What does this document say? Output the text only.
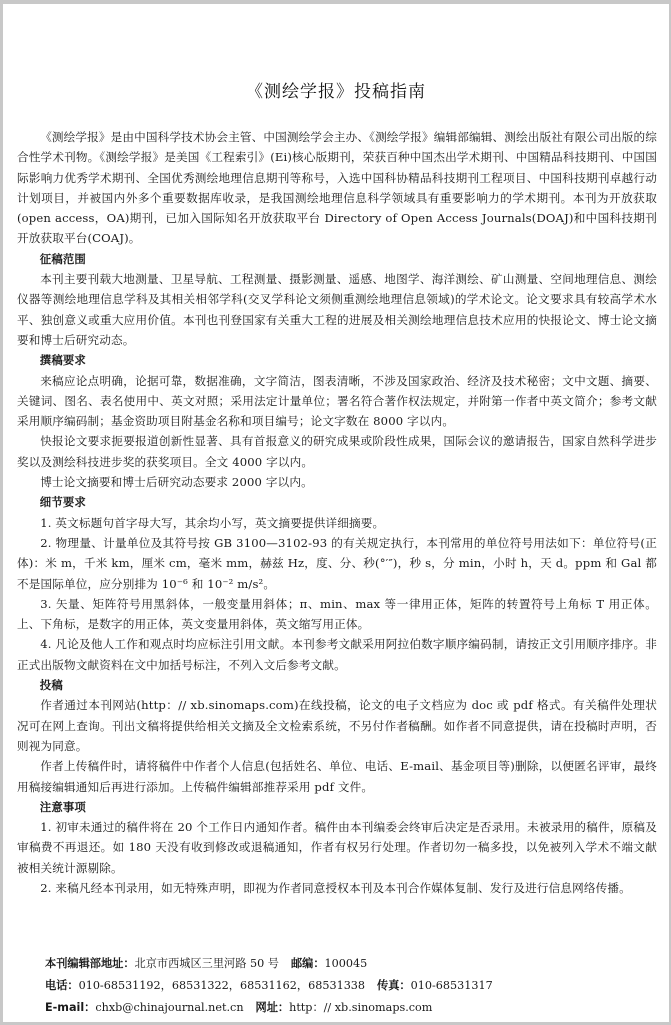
《测绘学报》投稿指南

《测绘学报》是由中国科学技术协会主管、中国测绘学会主办、《测绘学报》编辑部编辑、测绘出版社有限公司出版的综合性学术刊物。《测绘学报》是美国《工程索引》(Ei)核心版期刊，荣获百种中国杰出学术期刊、中国精品科技期刊、中国国际影响力优秀学术期刊、全国优秀测绘地理信息期刊等称号，入选中国科协精品科技期刊工程项目、中国科技期刊卓越行动计划项目，并被国内外多个重要数据库收录，是我国测绘地理信息科学领域具有重要影响力的学术期刊。本刊为开放获取(open access，OA)期刊，已加入国际知名开放获取平台 Directory of Open Access Journals(DOAJ)和中国科技期刊开放获取平台(COAJ)。

征稿范围

本刊主要刊载大地测量、卫星导航、工程测量、摄影测量、遥感、地图学、海洋测绘、矿山测量、空间地理信息、测绘仪器等测绘地理信息学科及其相关相邻学科(交叉学科论文须侧重测绘地理信息领域)的学术论文。论文要求具有较高学术水平、独创意义或重大应用价值。本刊也刊登国家有关重大工程的进展及相关测绘地理信息技术应用的快报论文、博士论文摘要和博士后研究动态。

撰稿要求

来稿应论点明确，论据可靠，数据准确，文字简洁，图表清晰，不涉及国家政治、经济及技术秘密；文中文题、摘要、关键词、图名、表名使用中、英文对照；采用法定计量单位；署名符合著作权法规定，并附第一作者中英文简介；参考文献采用顺序编码制；基金资助项目附基金名称和项目编号；论文字数在 8000 字以内。

快报论文要求扼要报道创新性显著、具有首报意义的研究成果或阶段性成果，国际会议的邀请报告，国家自然科学进步奖以及测绘科技进步奖的获奖项目。全文 4000 字以内。

博士论文摘要和博士后研究动态要求 2000 字以内。

细节要求

1. 英文标题句首字母大写，其余均小写，英文摘要提供详细摘要。

2. 物理量、计量单位及其符号按 GB 3100—3102-93 的有关规定执行，本刊常用的单位符号用法如下：单位符号(正体)：米 m，千米 km，厘米 cm，毫米 mm，赫兹 Hz，度、分、秒(°′″)，秒 s，分 min，小时 h，天 d。ppm 和 Gal 都不是国际单位，应分别排为 10⁻⁶ 和 10⁻² m/s²。

3. 矢量、矩阵符号用黑斜体，一般变量用斜体；π、min、max 等一律用正体，矩阵的转置符号上角标 T 用正体。上、下角标，是数字的用正体，英文变量用斜体，英文缩写用正体。

4. 凡论及他人工作和观点时均应标注引用文献。本刊参考文献采用阿拉伯数字顺序编码制，请按正文引用顺序排序。非正式出版物文献资料在文中加括号标注，不列入文后参考文献。

投稿

作者通过本刊网站(http：// xb.sinomaps.com)在线投稿，论文的电子文档应为 doc 或 pdf 格式。有关稿件处理状况可在网上查询。刊出文稿将提供给相关文摘及全文检索系统，不另付作者稿酬。如作者不同意提供，请在投稿时声明，否则视为同意。

作者上传稿件时，请将稿件中作者个人信息(包括姓名、单位、电话、E-mail、基金项目等)删除，以便匿名评审，最终用稿接编辑通知后再进行添加。上传稿件编辑部推荐采用 pdf 文件。

注意事项

1. 初审未通过的稿件将在 20 个工作日内通知作者。稿件由本刊编委会终审后决定是否录用。未被录用的稿件，原稿及审稿费不再退还。如 180 天没有收到修改或退稿通知，作者有权另行处理。作者切勿一稿多投，以免被列入学术不端文献被相关统计源剔除。

2. 来稿凡经本刊录用，如无特殊声明，即视为作者同意授权本刊及本刊合作媒体复制、发行及进行信息网络传播。

本刊编辑部地址：北京市西城区三里河路 50 号 邮编：100045
电话：010-68531192，68531322，68531162，68531338 传真：010-68531317
E-mail：chxb@chinajournal.net.cn 网址：http：// xb.sinomaps.com
